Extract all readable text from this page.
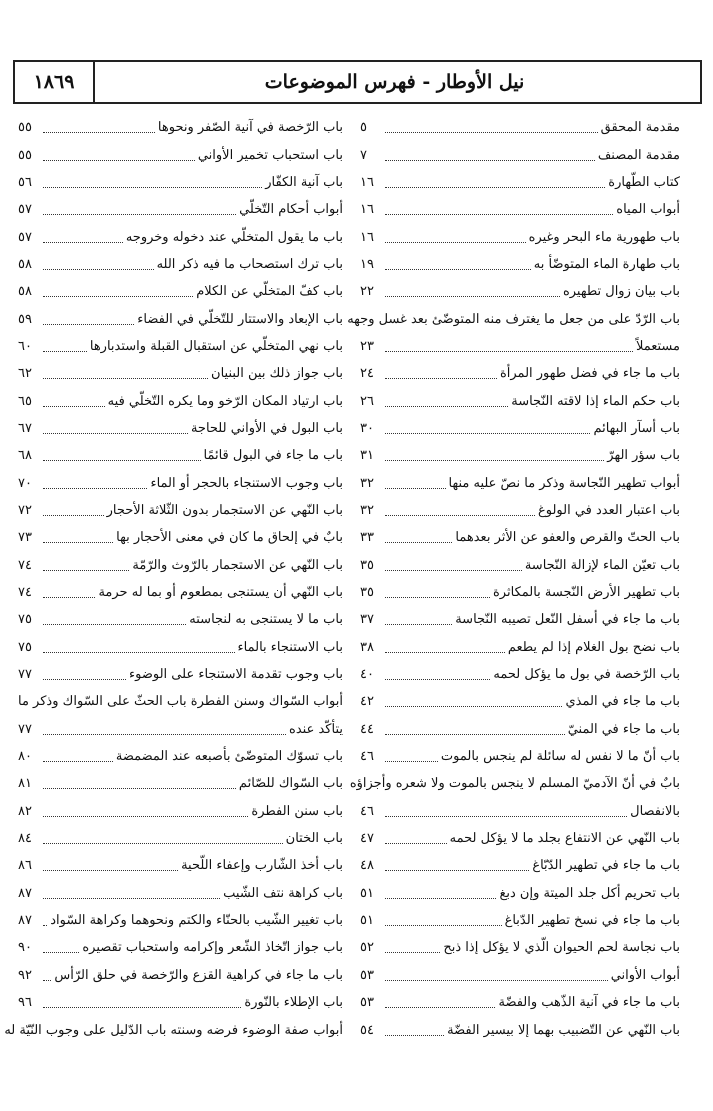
نيل الأوطار - فهرس الموضوعات
١٨٦٩
مقدمة المحقق
٥
مقدمة المصنف
٧
كتاب الطّهارة
١٦
أبواب المياه
١٦
باب طهورية ماء البحر وغيره
١٦
باب طهارة الماء المتوضّأ به
١٩
باب بيان زوال تطهيره
٢٢
باب الرّدّ على من جعل ما يغترف منه المتوضّئ بعد غسل وجهه
مستعملاً
٢٣
باب ما جاء في فضل طهور المرأة
٢٤
باب حكم الماء إذا لاقته النّجاسة
٢٦
باب أسآر البهائم
٣٠
باب سؤر الهرّ
٣١
أبواب تطهير النّجاسة وذكر ما نصّ عليه منها
٣٢
باب اعتبار العدد في الولوغ
٣٢
باب الحتّ والقرص والعفو عن الأثر بعدهما
٣٣
باب تعيّن الماء لإزالة النّجاسة
٣٥
باب تطهير الأرض النّجسة بالمكاثرة
٣٥
باب ما جاء في أسفل النّعل تصيبه النّجاسة
٣٧
باب نضح بول الغلام إذا لم يطعم
٣٨
باب الرّخصة في بول ما يؤكل لحمه
٤٠
باب ما جاء في المذي
٤٢
باب ما جاء في المنيّ
٤٤
باب أنّ ما لا نفس له سائلة لم ينجس بالموت
٤٦
بابٌ في أنّ الآدميّ المسلم لا ينجس بالموت ولا شعره وأجزاؤه
بالانفصال
٤٦
باب النّهي عن الانتفاع بجلد ما لا يؤكل لحمه
٤٧
باب ما جاء في تطهير الدّبّاغ
٤٨
باب تحريم أكل جلد الميتة وإن دبغ
٥١
باب ما جاء في نسخ تطهير الدّباغ
٥١
باب نجاسة لحم الحيوان الّذي لا يؤكل إذا ذبح
٥٢
أبواب الأواني
٥٣
باب ما جاء في آنية الذّهب والفضّة
٥٣
باب النّهي عن التّضبيب بهما إلا بيسير الفضّة
٥٤
باب الرّخصة في آنية الصّفر ونحوها
٥٥
باب استحباب تخمير الأواني
٥٥
باب آنية الكفّار
٥٦
أبواب أحكام التّخلّي
٥٧
باب ما يقول المتخلّي عند دخوله وخروجه
٥٧
باب ترك استصحاب ما فيه ذكر الله
٥٨
باب كفّ المتخلّي عن الكلام
٥٨
باب الإبعاد والاستتار للتّخلّي في الفضاء
٥٩
باب نهي المتخلّي عن استقبال القبلة واستدبارها
٦٠
باب جواز ذلك بين البنيان
٦٢
باب ارتياد المكان الرّخو وما يكره التّخلّي فيه
٦٥
باب البول في الأواني للحاجة
٦٧
باب ما جاء في البول قائمًا
٦٨
باب وجوب الاستنجاء بالحجر أو الماء
٧٠
باب النّهي عن الاستجمار بدون الثّلاثة الأحجار
٧٢
بابٌ في إلحاق ما كان في معنى الأحجار بها
٧٣
باب النّهي عن الاستجمار بالرّوث والرّمّة
٧٤
باب النّهي أن يستنجى بمطعوم أو بما له حرمة
٧٤
باب ما لا يستنجى به لنجاسته
٧٥
باب الاستنجاء بالماء
٧٥
باب وجوب تقدمة الاستنجاء على الوضوء
٧٧
أبواب السّواك وسنن الفطرة باب الحثّ على السّواك وذكر ما
يتأكّد عنده
٧٧
باب تسوّك المتوضّئ بأصبعه عند المضمضة
٨٠
باب السّواك للصّائم
٨١
باب سنن الفطرة
٨٢
باب الختان
٨٤
باب أخذ الشّارب وإعفاء اللّحية
٨٦
باب كراهة نتف الشّيب
٨٧
باب تغيير الشّيب بالحنّاء والكتم ونحوهما وكراهة السّواد
٨٧
باب جواز اتّخاذ الشّعر وإكرامه واستحباب تقصيره
٩٠
باب ما جاء في كراهية القزع والرّخصة في حلق الرّأس
٩٢
باب الإطلاء بالنّورة
٩٦
أبواب صفة الوضوء فرضه وسنته باب الدّليل على وجوب النّيّة له
